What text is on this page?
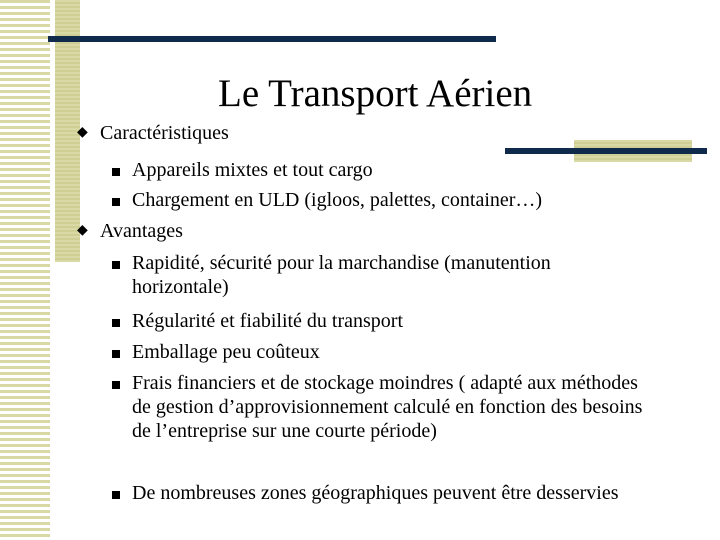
Le Transport Aérien
◆ Caractéristiques
Appareils mixtes et tout cargo
Chargement en ULD (igloos, palettes, container…)
◆ Avantages
Rapidité, sécurité pour la marchandise (manutention horizontale)
Régularité et fiabilité du transport
Emballage peu coûteux
Frais financiers et de stockage moindres ( adapté aux méthodes de gestion d’approvisionnement calculé en fonction des besoins de l’entreprise sur une courte période)
De nombreuses zones géographiques peuvent être desservies
